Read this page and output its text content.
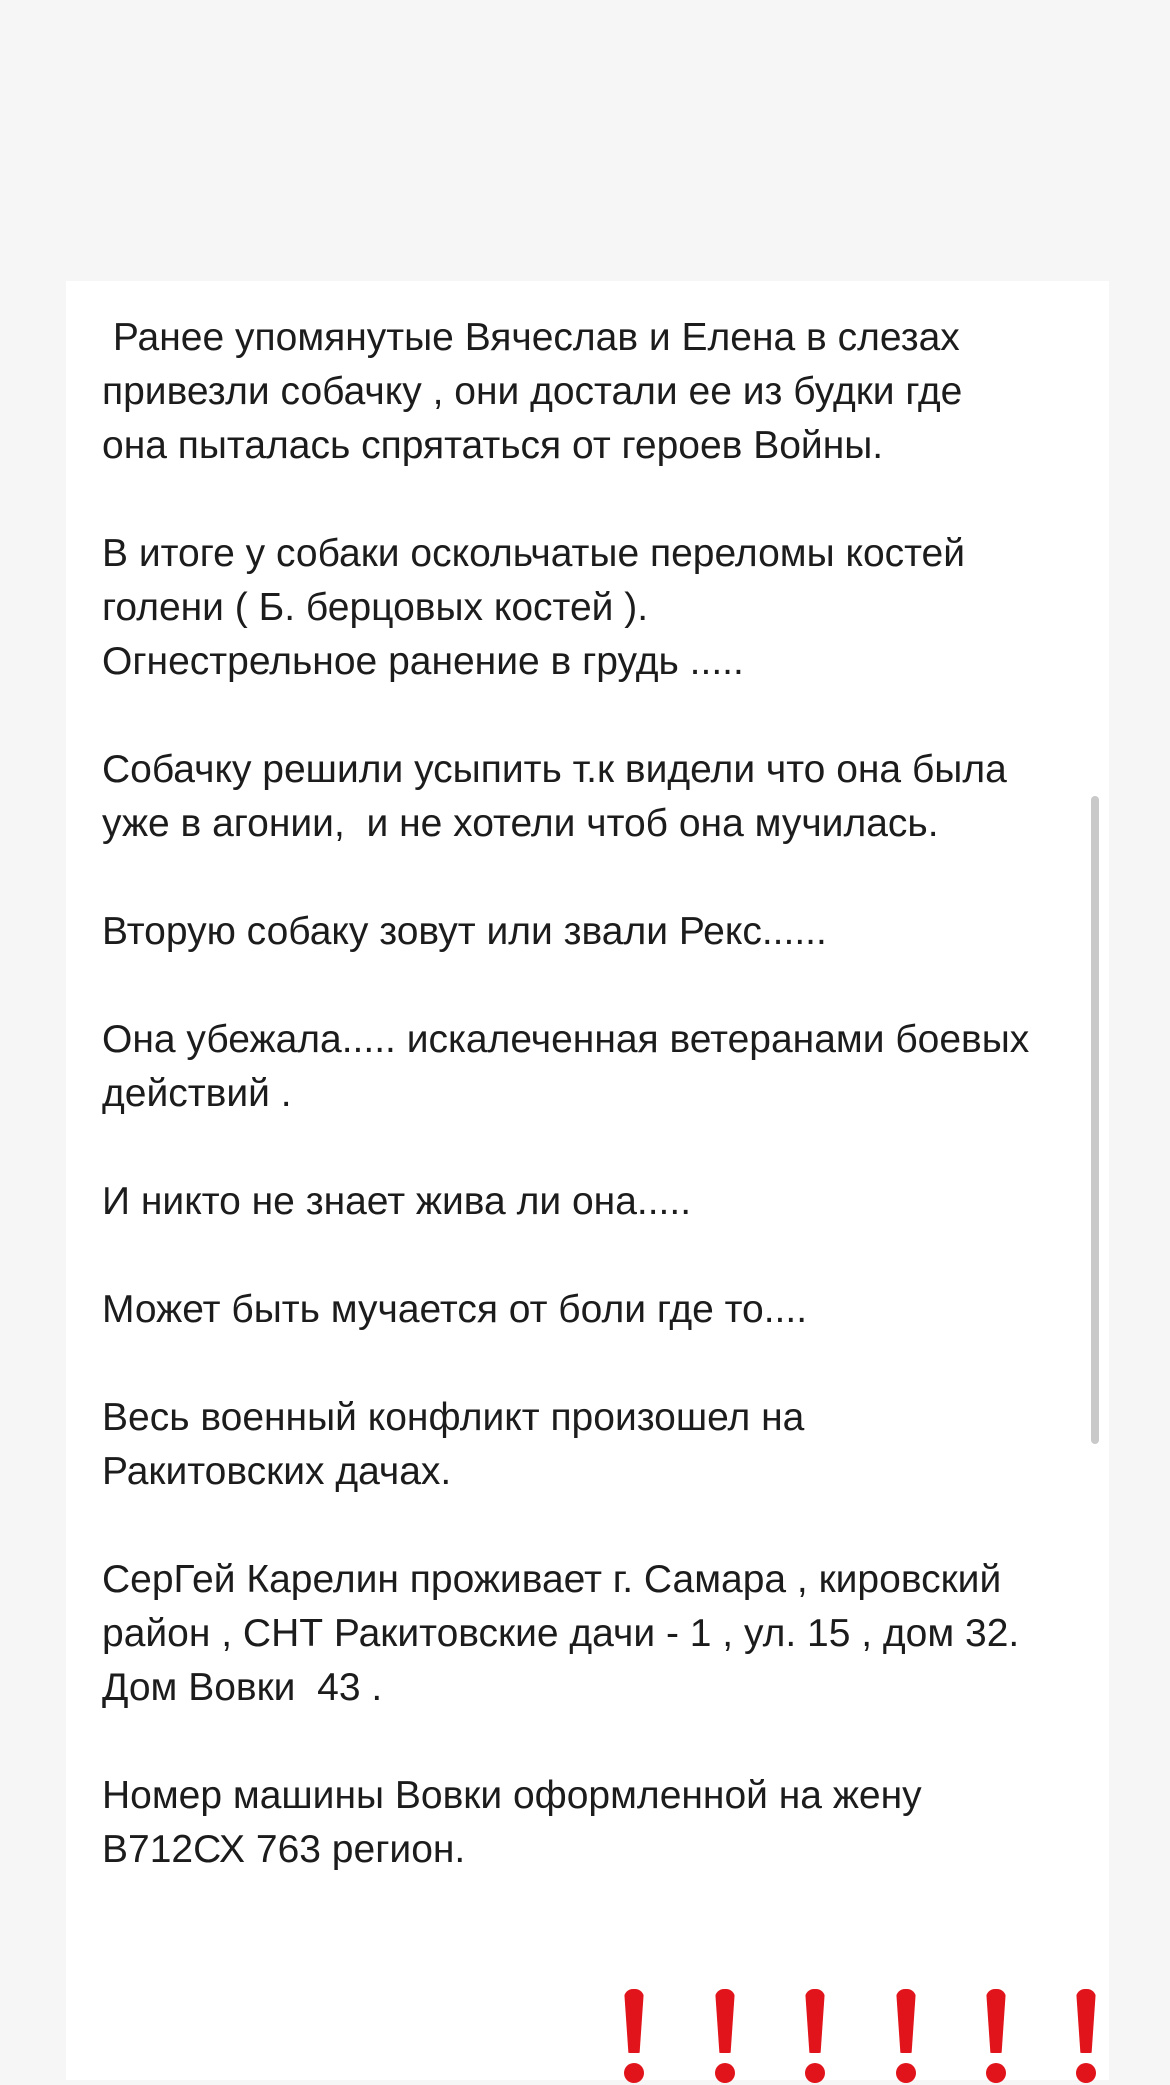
Ранее упомянутые Вячеслав и Елена в слезах
привезли собачку , они достали ее из будки где
она пыталась спрятаться от героев Войны.

В итоге у собаки оскольчатые переломы костей
голени ( Б. берцовых костей ).
Огнестрельное ранение в грудь .....

Собачку решили усыпить т.к видели что она была
уже в агонии,  и не хотели чтоб она мучилась.

Вторую собаку зовут или звали Рекс......

Она убежала..... искалеченная ветеранами боевых
действий .

И никто не знает жива ли она.....

Может быть мучается от боли где то....

Весь военный конфликт произошел на
Ракитовских дачах.

СерГей Карелин проживает г. Самара , кировский
район , СНТ Ракитовские дачи - 1 , ул. 15 , дом 32.
Дом Вовки  43 .

Номер машины Вовки оформленной на жену
В712СХ 763 регион.
